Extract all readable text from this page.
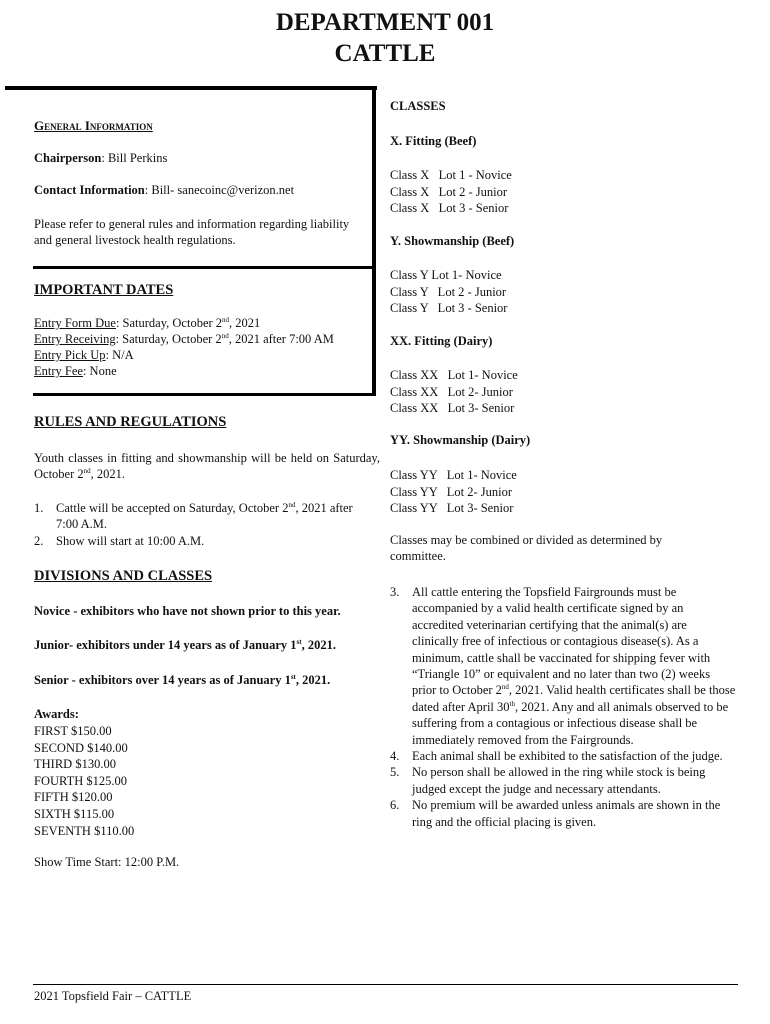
DEPARTMENT 001
CATTLE
General Information
Chairperson: Bill Perkins
Contact Information: Bill- sanecoinc@verizon.net
Please refer to general rules and information regarding liability and general livestock health regulations.
IMPORTANT DATES
Entry Form Due: Saturday, October 2nd, 2021
Entry Receiving: Saturday, October 2nd, 2021 after 7:00 AM
Entry Pick Up: N/A
Entry Fee: None
RULES AND REGULATIONS
Youth classes in fitting and showmanship will be held on Saturday, October 2nd, 2021.
1. Cattle will be accepted on Saturday, October 2nd, 2021 after 7:00 A.M.
2. Show will start at 10:00 A.M.
DIVISIONS AND CLASSES
Novice - exhibitors who have not shown prior to this year.
Junior- exhibitors under 14 years as of January 1st, 2021.
Senior - exhibitors over 14 years as of January 1st, 2021.
Awards:
FIRST $150.00
SECOND $140.00
THIRD $130.00
FOURTH $125.00
FIFTH $120.00
SIXTH $115.00
SEVENTH $110.00
Show Time Start: 12:00 P.M.
CLASSES
X. Fitting (Beef)
Class X   Lot 1 - Novice
Class X   Lot 2 - Junior
Class X   Lot 3 - Senior
Y. Showmanship (Beef)
Class Y Lot 1- Novice
Class Y   Lot 2 - Junior
Class Y   Lot 3 - Senior
XX. Fitting (Dairy)
Class XX   Lot 1- Novice
Class XX   Lot 2- Junior
Class XX   Lot 3- Senior
YY. Showmanship (Dairy)
Class YY   Lot 1- Novice
Class YY   Lot 2- Junior
Class YY   Lot 3- Senior
Classes may be combined or divided as determined by committee.
3. All cattle entering the Topsfield Fairgrounds must be accompanied by a valid health certificate signed by an accredited veterinarian certifying that the animal(s) are clinically free of infectious or contagious disease(s). As a minimum, cattle shall be vaccinated for shipping fever with “Triangle 10” or equivalent and no later than two (2) weeks prior to October 2nd, 2021. Valid health certificates shall be those dated after April 30th, 2021. Any and all animals observed to be suffering from a contagious or infectious disease shall be immediately removed from the Fairgrounds.
4. Each animal shall be exhibited to the satisfaction of the judge.
5. No person shall be allowed in the ring while stock is being judged except the judge and necessary attendants.
6. No premium will be awarded unless animals are shown in the ring and the official placing is given.
2021 Topsfield Fair – CATTLE
